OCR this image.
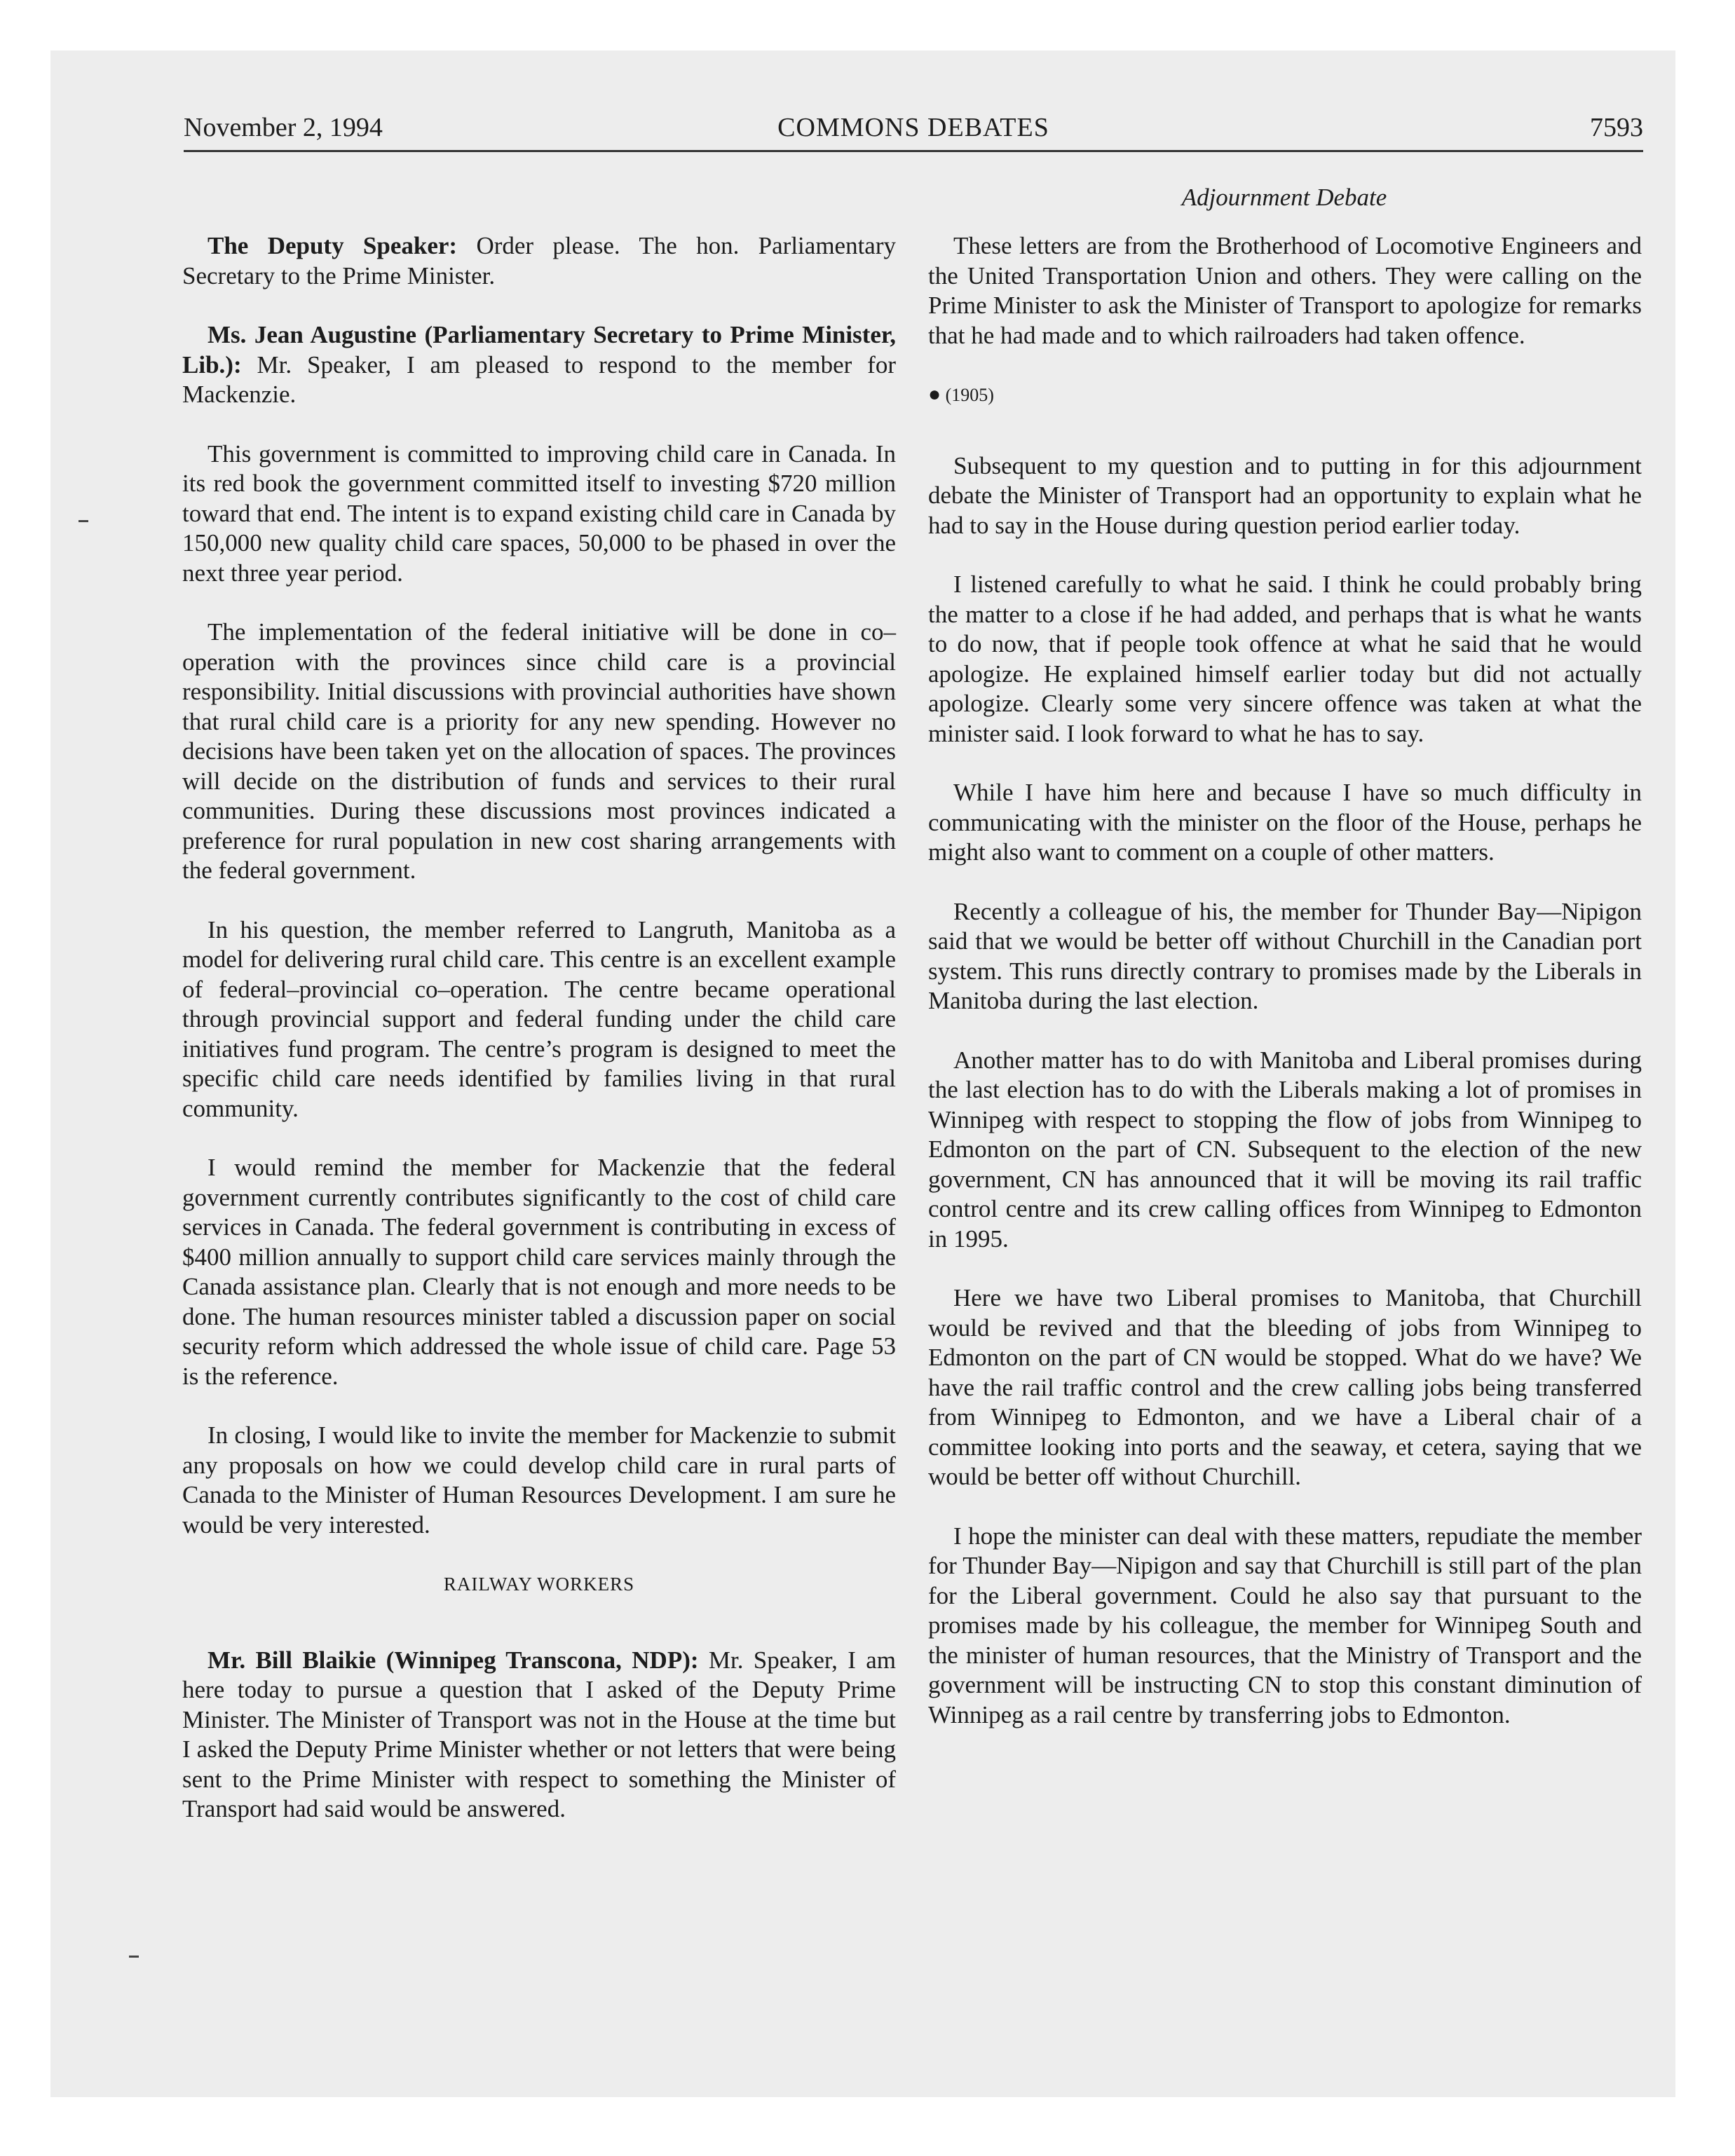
November 2, 1994	COMMONS DEBATES	7593
Adjournment Debate

The Deputy Speaker: Order please. The hon. Parliamentary Secretary to the Prime Minister.

Ms. Jean Augustine (Parliamentary Secretary to Prime Minister, Lib.): Mr. Speaker, I am pleased to respond to the member for Mackenzie.

This government is committed to improving child care in Canada. In its red book the government committed itself to investing $720 million toward that end. The intent is to expand existing child care in Canada by 150,000 new quality child care spaces, 50,000 to be phased in over the next three year period.

The implementation of the federal initiative will be done in co–operation with the provinces since child care is a provincial responsibility. Initial discussions with provincial authorities have shown that rural child care is a priority for any new spending. However no decisions have been taken yet on the allocation of spaces. The provinces will decide on the distribution of funds and services to their rural communities. During these discussions most provinces indicated a preference for rural population in new cost sharing arrangements with the federal government.

In his question, the member referred to Langruth, Manitoba as a model for delivering rural child care. This centre is an excellent example of federal–provincial co–operation. The centre became operational through provincial support and federal funding under the child care initiatives fund program. The centre’s program is designed to meet the specific child care needs identified by families living in that rural community.

I would remind the member for Mackenzie that the federal government currently contributes significantly to the cost of child care services in Canada. The federal government is contributing in excess of $400 million annually to support child care services mainly through the Canada assistance plan. Clearly that is not enough and more needs to be done. The human resources minister tabled a discussion paper on social security reform which addressed the whole issue of child care. Page 53 is the reference.

In closing, I would like to invite the member for Mackenzie to submit any proposals on how we could develop child care in rural parts of Canada to the Minister of Human Resources Development. I am sure he would be very interested.

RAILWAY WORKERS

Mr. Bill Blaikie (Winnipeg Transcona, NDP): Mr. Speaker, I am here today to pursue a question that I asked of the Deputy Prime Minister. The Minister of Transport was not in the House at the time but I asked the Deputy Prime Minister whether or not letters that were being sent to the Prime Minister with respect to something the Minister of Transport had said would be answered.

These letters are from the Brotherhood of Locomotive Engineers and the United Transportation Union and others. They were calling on the Prime Minister to ask the Minister of Transport to apologize for remarks that he had made and to which railroaders had taken offence.

● (1905)

Subsequent to my question and to putting in for this adjournment debate the Minister of Transport had an opportunity to explain what he had to say in the House during question period earlier today.

I listened carefully to what he said. I think he could probably bring the matter to a close if he had added, and perhaps that is what he wants to do now, that if people took offence at what he said that he would apologize. He explained himself earlier today but did not actually apologize. Clearly some very sincere offence was taken at what the minister said. I look forward to what he has to say.

While I have him here and because I have so much difficulty in communicating with the minister on the floor of the House, perhaps he might also want to comment on a couple of other matters.

Recently a colleague of his, the member for Thunder Bay—Nipigon said that we would be better off without Churchill in the Canadian port system. This runs directly contrary to promises made by the Liberals in Manitoba during the last election.

Another matter has to do with Manitoba and Liberal promises during the last election has to do with the Liberals making a lot of promises in Winnipeg with respect to stopping the flow of jobs from Winnipeg to Edmonton on the part of CN. Subsequent to the election of the new government, CN has announced that it will be moving its rail traffic control centre and its crew calling offices from Winnipeg to Edmonton in 1995.

Here we have two Liberal promises to Manitoba, that Churchill would be revived and that the bleeding of jobs from Winnipeg to Edmonton on the part of CN would be stopped. What do we have? We have the rail traffic control and the crew calling jobs being transferred from Winnipeg to Edmonton, and we have a Liberal chair of a committee looking into ports and the seaway, et cetera, saying that we would be better off without Churchill.

I hope the minister can deal with these matters, repudiate the member for Thunder Bay—Nipigon and say that Churchill is still part of the plan for the Liberal government. Could he also say that pursuant to the promises made by his colleague, the member for Winnipeg South and the minister of human resources, that the Ministry of Transport and the government will be instructing CN to stop this constant diminution of Winnipeg as a rail centre by transferring jobs to Edmonton.
